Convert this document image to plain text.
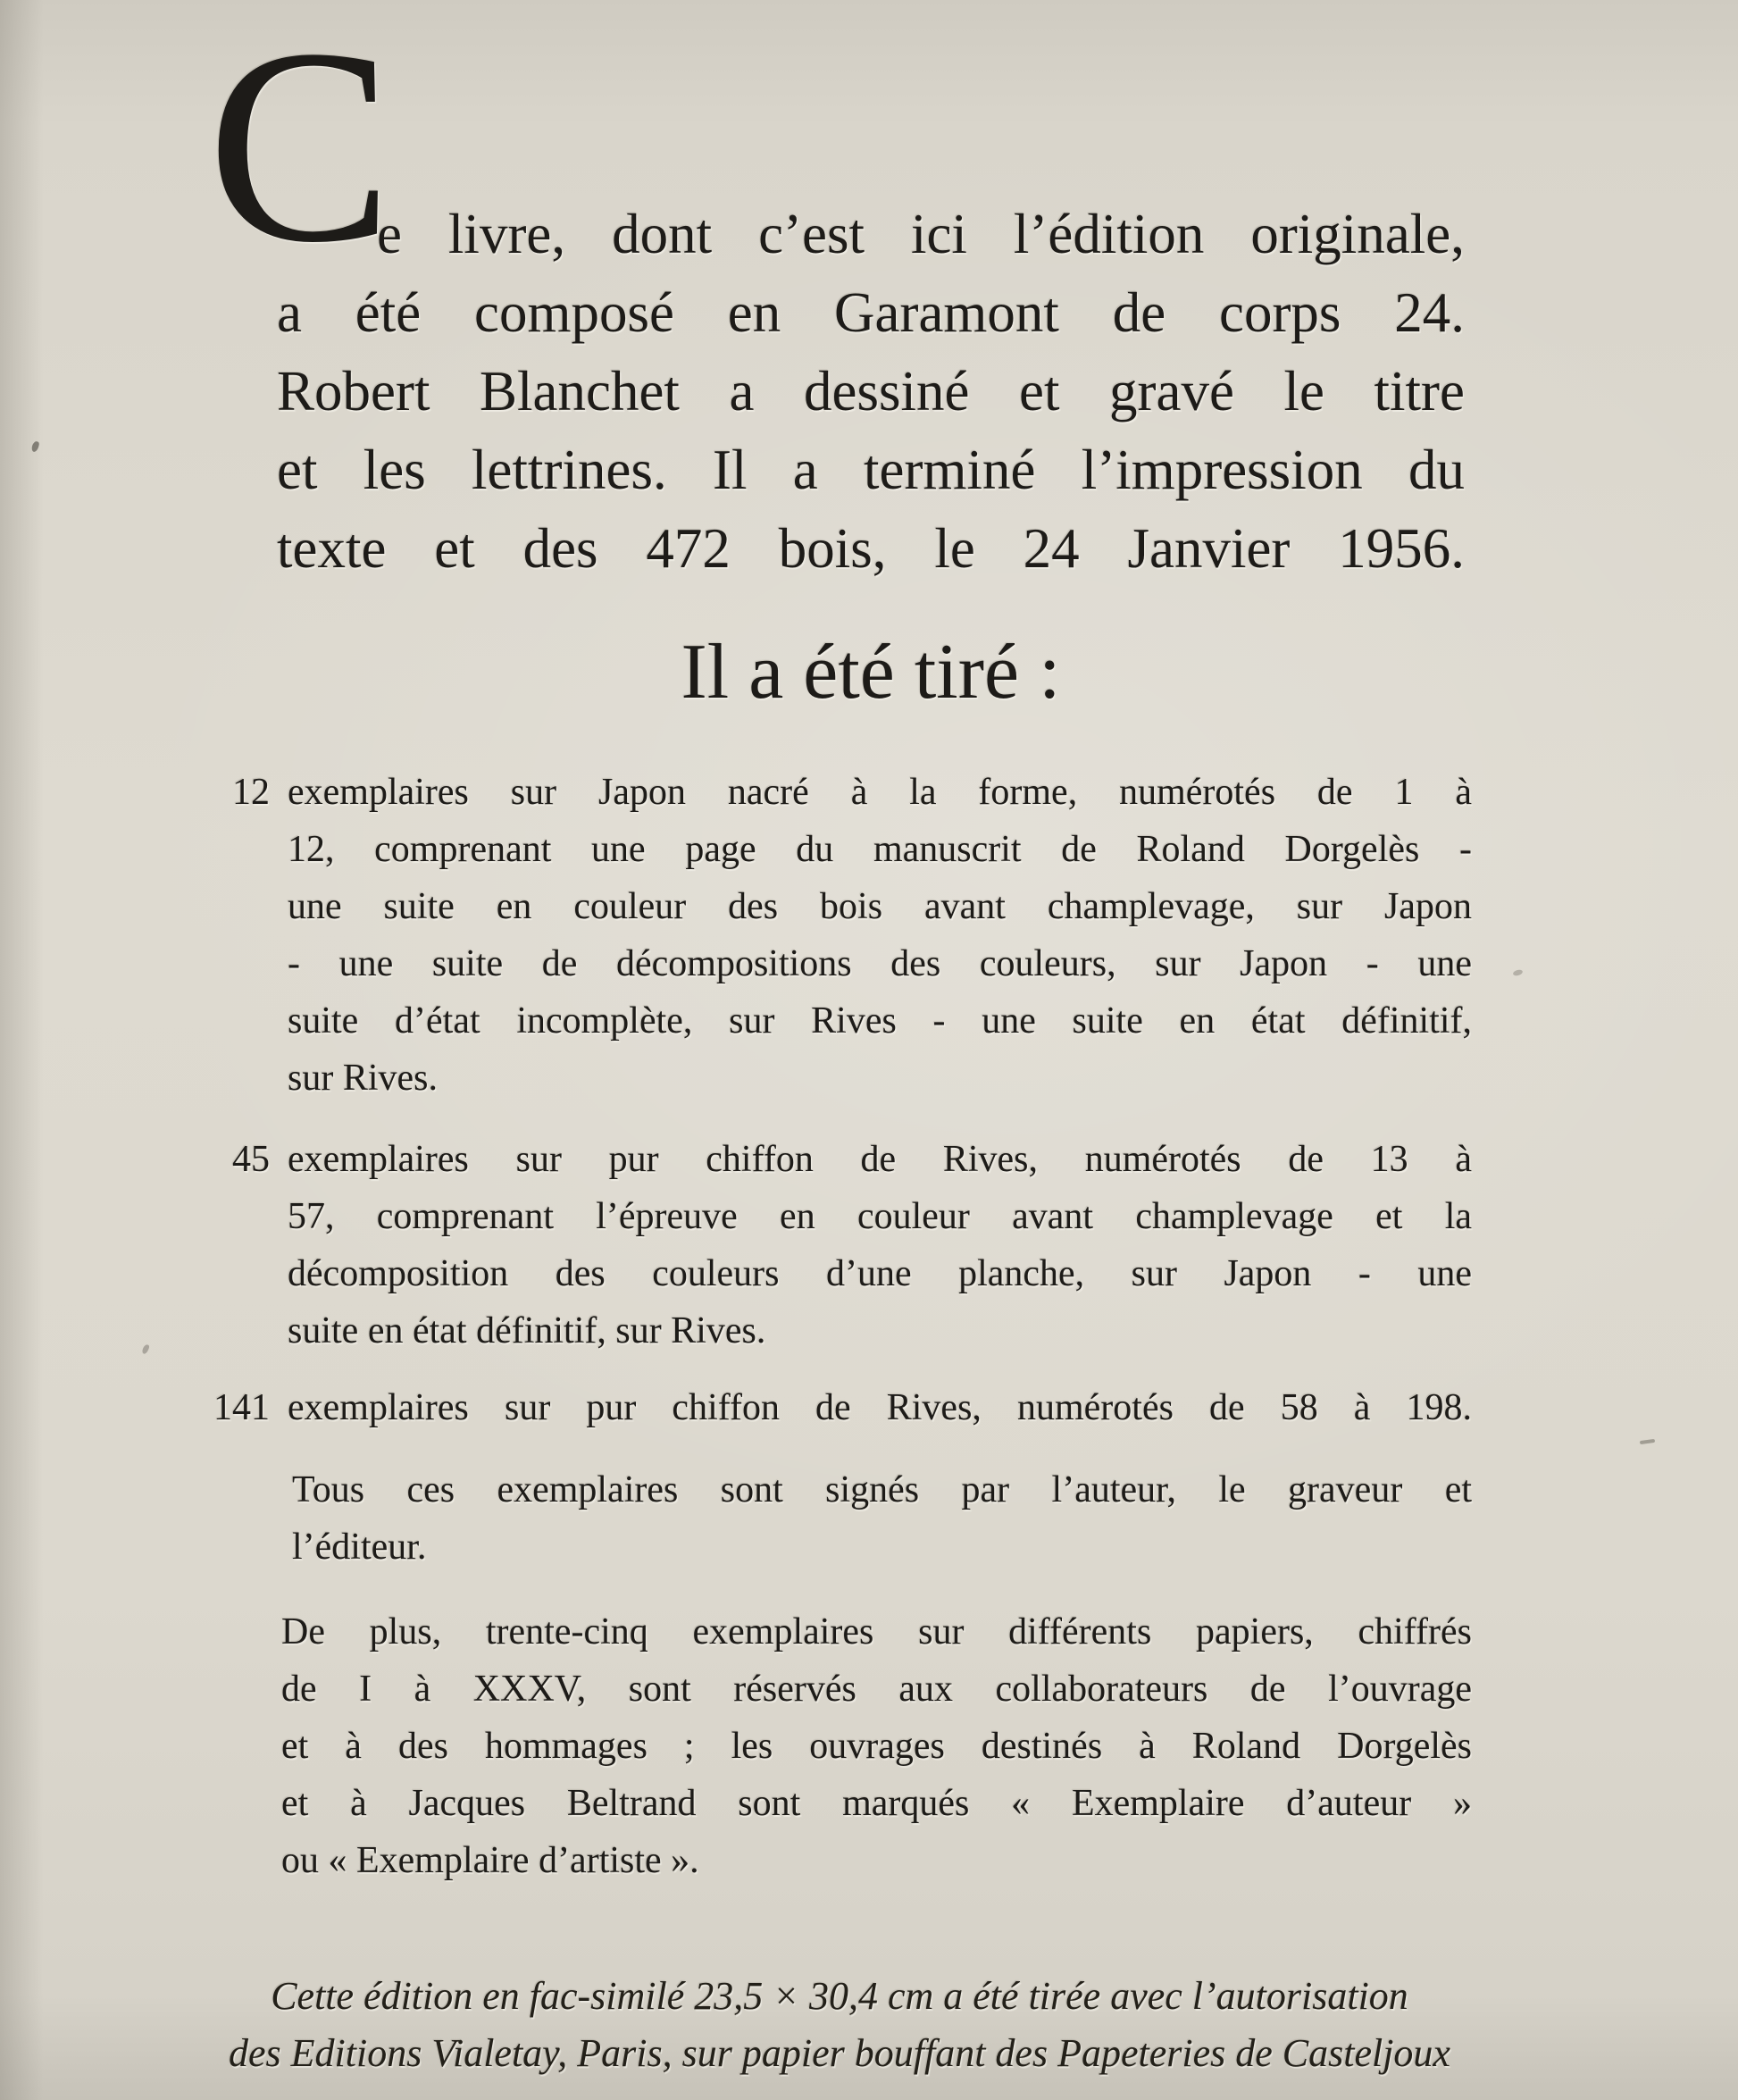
C
e livre, dont c’est ici l’édition originale,
a été composé en Garamont de corps 24.
Robert Blanchet a dessiné et gravé le titre
et les lettrines. Il a terminé l’impression du
texte et des 472 bois, le 24 Janvier 1956.
Il a été tiré :
12 exemplaires sur Japon nacré à la forme, numérotés de 1 à
12, comprenant une page du manuscrit de Roland Dorgelès -
une suite en couleur des bois avant champlevage, sur Japon
- une suite de décompositions des couleurs, sur Japon - une
suite d’état incomplète, sur Rives - une suite en état définitif,
sur Rives.
45 exemplaires sur pur chiffon de Rives, numérotés de 13 à
57, comprenant l’épreuve en couleur avant champlevage et la
décomposition des couleurs d’une planche, sur Japon - une
suite en état définitif, sur Rives.
141 exemplaires sur pur chiffon de Rives, numérotés de 58 à 198.
Tous ces exemplaires sont signés par l’auteur, le graveur et
l’éditeur.
De plus, trente-cinq exemplaires sur différents papiers, chiffrés
de I à XXXV, sont réservés aux collaborateurs de l’ouvrage
et à des hommages ; les ouvrages destinés à Roland Dorgelès
et à Jacques Beltrand sont marqués « Exemplaire d’auteur »
ou « Exemplaire d’artiste ».
Cette édition en fac-similé 23,5 × 30,4 cm a été tirée avec l’autorisation
des Editions Vialetay, Paris, sur papier bouffant des Papeteries de Casteljoux
